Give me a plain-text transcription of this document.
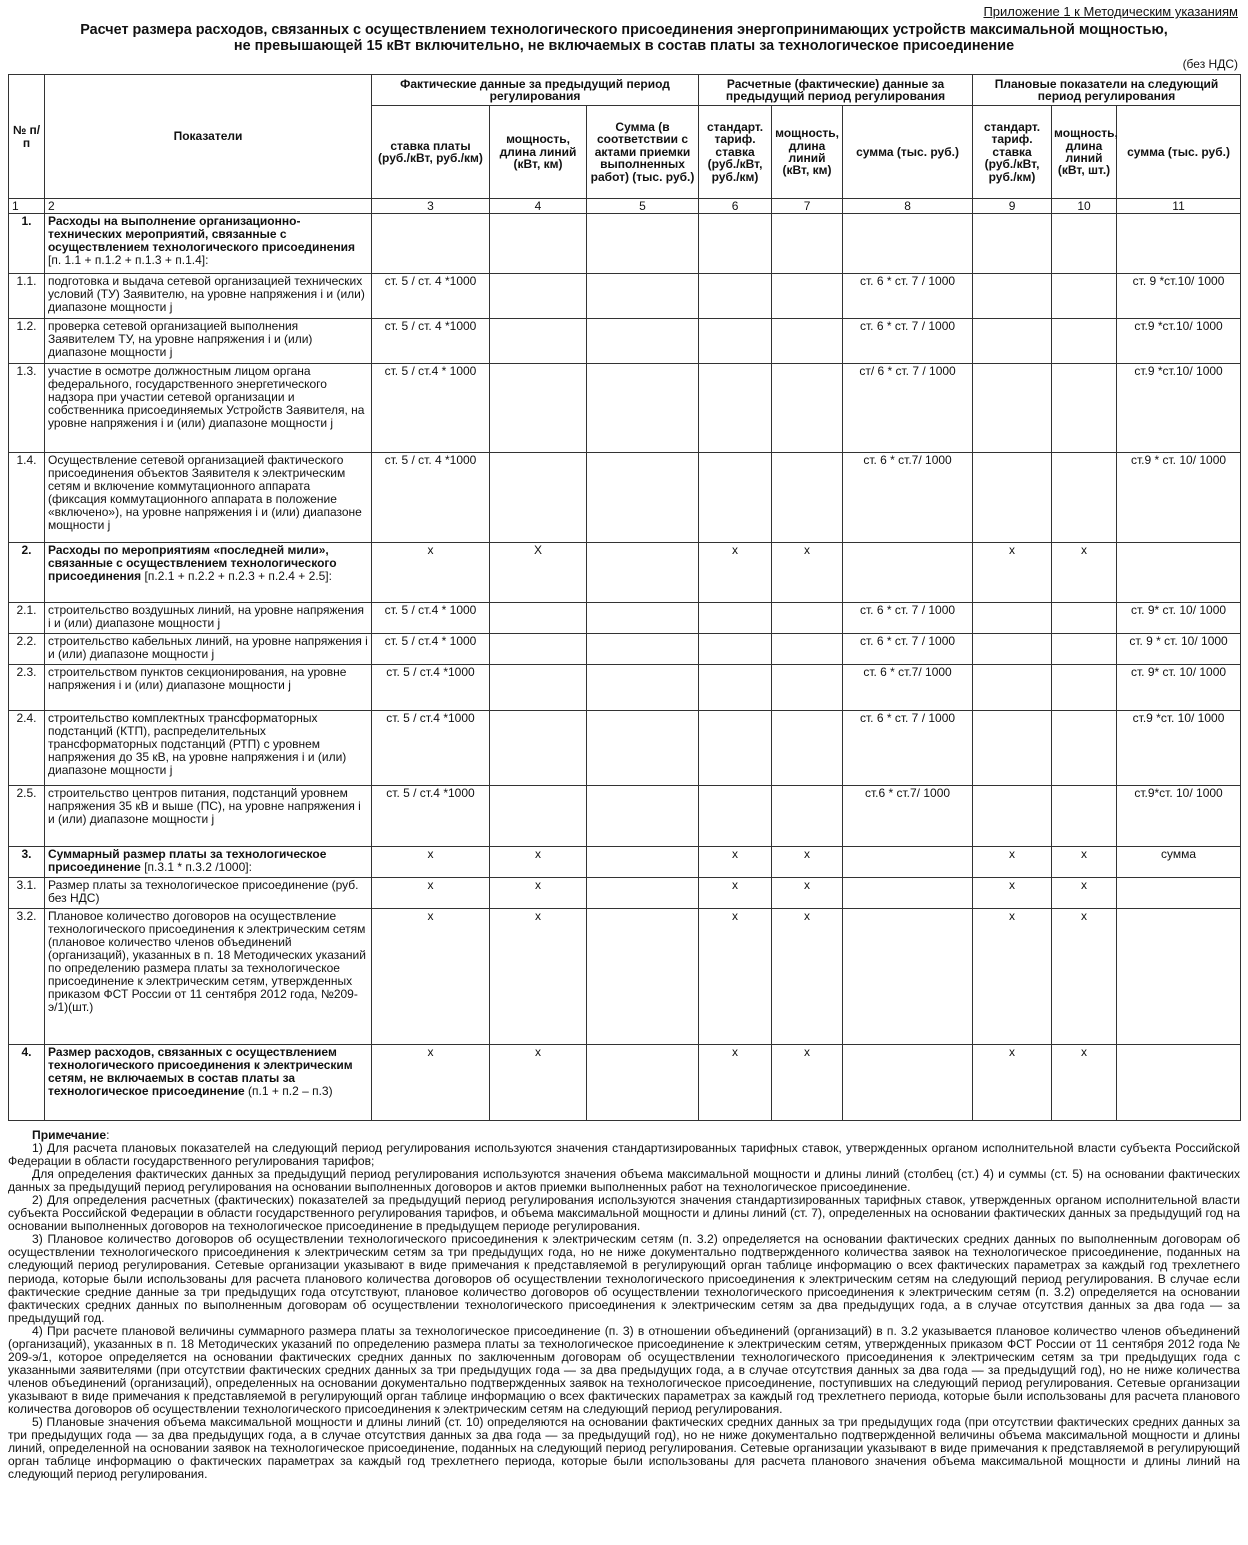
Приложение 1 к Методическим указаниям
Расчет размера расходов, связанных с осуществлением технологического присоединения энергопринимающих устройств максимальной мощностью,
не превышающей 15 кВт включительно, не включаемых в состав платы за технологическое присоединение
(без НДС)
№ п/п	Показатели	Фактические данные за предыдущий период регулирования			Расчетные (фактические) данные за предыдущий период регулирования			Плановые показатели на следующий период регулирования		
		ставка платы (руб./кВт, руб./км)	мощность, длина линий (кВт, км)	Сумма (в соответствии с актами приемки выполненных работ) (тыс. руб.)	стандарт. тариф. ставка (руб./кВт, руб./км)	мощность, длина линий (кВт, км)	сумма (тыс. руб.)	стандарт. тариф. ставка (руб./кВт, руб./км)	мощность, длина линий (кВт, шт.)	сумма (тыс. руб.)
1	2	3	4	5	6	7	8	9	10	11
1.	Расходы на выполнение организационно-технических мероприятий, связанные с осуществлением технологического присоединения [п. 1.1 + п.1.2 + п.1.3 + п.1.4]:									
1.1.	подготовка и выдача сетевой организацией технических условий (ТУ) Заявителю, на уровне напряжения i и (или) диапазоне мощности j	ст. 5 / ст. 4 *1000					ст. 6 * ст. 7 / 1000			ст. 9 *ст.10/ 1000
1.2.	проверка сетевой организацией выполнения Заявителем ТУ, на уровне напряжения i и (или) диапазоне мощности j	ст. 5 / ст. 4 *1000					ст. 6 * ст. 7 / 1000			ст.9 *ст.10/ 1000
1.3.	участие в осмотре должностным лицом органа федерального, государственного энергетического надзора при участии сетевой организации и собственника присоединяемых Устройств Заявителя, на уровне напряжения i и (или) диапазоне мощности j	ст. 5 / ст.4 * 1000					ст/ 6 * ст. 7 / 1000			ст.9 *ст.10/ 1000
1.4.	Осуществление сетевой организацией фактического присоединения объектов Заявителя к электрическим сетям и включение коммутационного аппарата (фиксация коммутационного аппарата в положение «включено»), на уровне напряжения i и (или) диапазоне мощности j	ст. 5 / ст. 4 *1000					ст. 6 * ст.7/ 1000			ст.9 * ст. 10/ 1000
2.	Расходы по мероприятиям «последней мили», связанные с осуществлением технологического присоединения [п.2.1 + п.2.2 + п.2.3 + п.2.4 + 2.5]:	x	X		x	x		x	x	
2.1.	строительство воздушных линий, на уровне напряжения i и (или) диапазоне мощности j	ст. 5 / ст.4 * 1000					ст. 6 * ст. 7 / 1000			ст. 9* ст. 10/ 1000
2.2.	строительство кабельных линий, на уровне напряжения i и (или) диапазоне мощности j	ст. 5 / ст.4 * 1000					ст. 6 * ст. 7 / 1000			ст. 9 * ст. 10/ 1000
2.3.	строительством пунктов секционирования, на уровне напряжения i и (или) диапазоне мощности j	ст. 5 / ст.4 *1000					ст. 6 * ст.7/ 1000			ст. 9* ст. 10/ 1000
2.4.	строительство комплектных трансформаторных подстанций (КТП), распределительных трансформаторных подстанций (РТП) с уровнем напряжения до 35 кВ, на уровне напряжения i и (или) диапазоне мощности j	ст. 5 / ст.4 *1000					ст. 6 * ст. 7 / 1000			ст.9 *ст. 10/ 1000
2.5.	строительство центров питания, подстанций уровнем напряжения 35 кВ и выше (ПС), на уровне напряжения i и (или) диапазоне мощности j	ст. 5 / ст.4 *1000					ст.6 * ст.7/ 1000			ст.9*ст. 10/ 1000
3.	Суммарный размер платы за технологическое присоединение [п.3.1 * п.3.2 /1000]:	x	x		x	x		x	x	сумма
3.1.	Размер платы за технологическое присоединение (руб. без НДС)	x	x		x	x		x	x	
3.2.	Плановое количество договоров на осуществление технологического присоединения к электрическим сетям (плановое количество членов объединений (организаций), указанных в п. 18 Методических указаний по определению размера платы за технологическое присоединение к электрическим сетям, утвержденных приказом ФСТ России от 11 сентября 2012 года, №209-э/1)(шт.)	x	x		x	x		x	x	
4.	Размер расходов, связанных с осуществлением технологического присоединения к электрическим сетям, не включаемых в состав платы за технологическое присоединение (п.1 + п.2 – п.3)	x	x		x	x		x	x	

Примечание:

1) Для расчета плановых показателей на следующий период регулирования используются значения стандартизированных тарифных ставок, утвержденных органом исполнительной власти субъекта Российской Федерации в области государственного регулирования тарифов;

Для определения фактических данных за предыдущий период регулирования используются значения объема максимальной мощности и длины линий (столбец (ст.) 4) и суммы (ст. 5) на основании фактических данных за предыдущий период регулирования на основании выполненных договоров и актов приемки выполненных работ на технологическое присоединение.

2) Для определения расчетных (фактических) показателей за предыдущий период регулирования используются значения стандартизированных тарифных ставок, утвержденных органом исполнительной власти субъекта Российской Федерации в области государственного регулирования тарифов, и объема максимальной мощности и длины линий (ст. 7), определенных на основании фактических данных за предыдущий год на основании выполненных договоров на технологическое присоединение в предыдущем периоде регулирования.

3) Плановое количество договоров об осуществлении технологического присоединения к электрическим сетям (п. 3.2) определяется на основании фактических средних данных по выполненным договорам об осуществлении технологического присоединения к электрическим сетям за три предыдущих года, но не ниже документально подтвержденного количества заявок на технологическое присоединение, поданных на следующий период регулирования. Сетевые организации указывают в виде примечания к представляемой в регулирующий орган таблице информацию о всех фактических параметрах за каждый год трехлетнего периода, которые были использованы для расчета планового количества договоров об осуществлении технологического присоединения к электрическим сетям на следующий период регулирования. В случае если фактические средние данные за три предыдущих года отсутствуют, плановое количество договоров об осуществлении технологического присоединения к электрическим сетям (п. 3.2) определяется на основании фактических средних данных по выполненным договорам об осуществлении технологического присоединения к электрическим сетям за два предыдущих года, а в случае отсутствия данных за два года — за предыдущий год.

4) При расчете плановой величины суммарного размера платы за технологическое присоединение (п. 3) в отношении объединений (организаций) в п. 3.2 указывается плановое количество членов объединений (организаций), указанных в п. 18 Методических указаний по определению размера платы за технологическое присоединение к электрическим сетям, утвержденных приказом ФСТ России от 11 сентября 2012 года № 209-э/1, которое определяется на основании фактических средних данных по заключенным договорам об осуществлении технологического присоединения к электрическим сетям за три предыдущих года с указанными заявителями (при отсутствии фактических средних данных за три предыдущих года — за два предыдущих года, а в случае отсутствия данных за два года — за предыдущий год), но не ниже количества членов объединений (организаций), определенных на основании документально подтвержденных заявок на технологическое присоединение, поступивших на следующий период регулирования. Сетевые организации указывают в виде примечания к представляемой в регулирующий орган таблице информацию о всех фактических параметрах за каждый год трехлетнего периода, которые были использованы для расчета планового количества договоров об осуществлении технологического присоединения к электрическим сетям на следующий период регулирования.

5) Плановые значения объема максимальной мощности и длины линий (ст. 10) определяются на основании фактических средних данных за три предыдущих года (при отсутствии фактических средних данных за три предыдущих года — за два предыдущих года, а в случае отсутствия данных за два года — за предыдущий год), но не ниже документально подтвержденной величины объема максимальной мощности и длины линий, определенной на основании заявок на технологическое присоединение, поданных на следующий период регулирования. Сетевые организации указывают в виде примечания к представляемой в регулирующий орган таблице информацию о фактических параметрах за каждый год трехлетнего периода, которые были использованы для расчета планового значения объема максимальной мощности и длины линий на следующий период регулирования.
